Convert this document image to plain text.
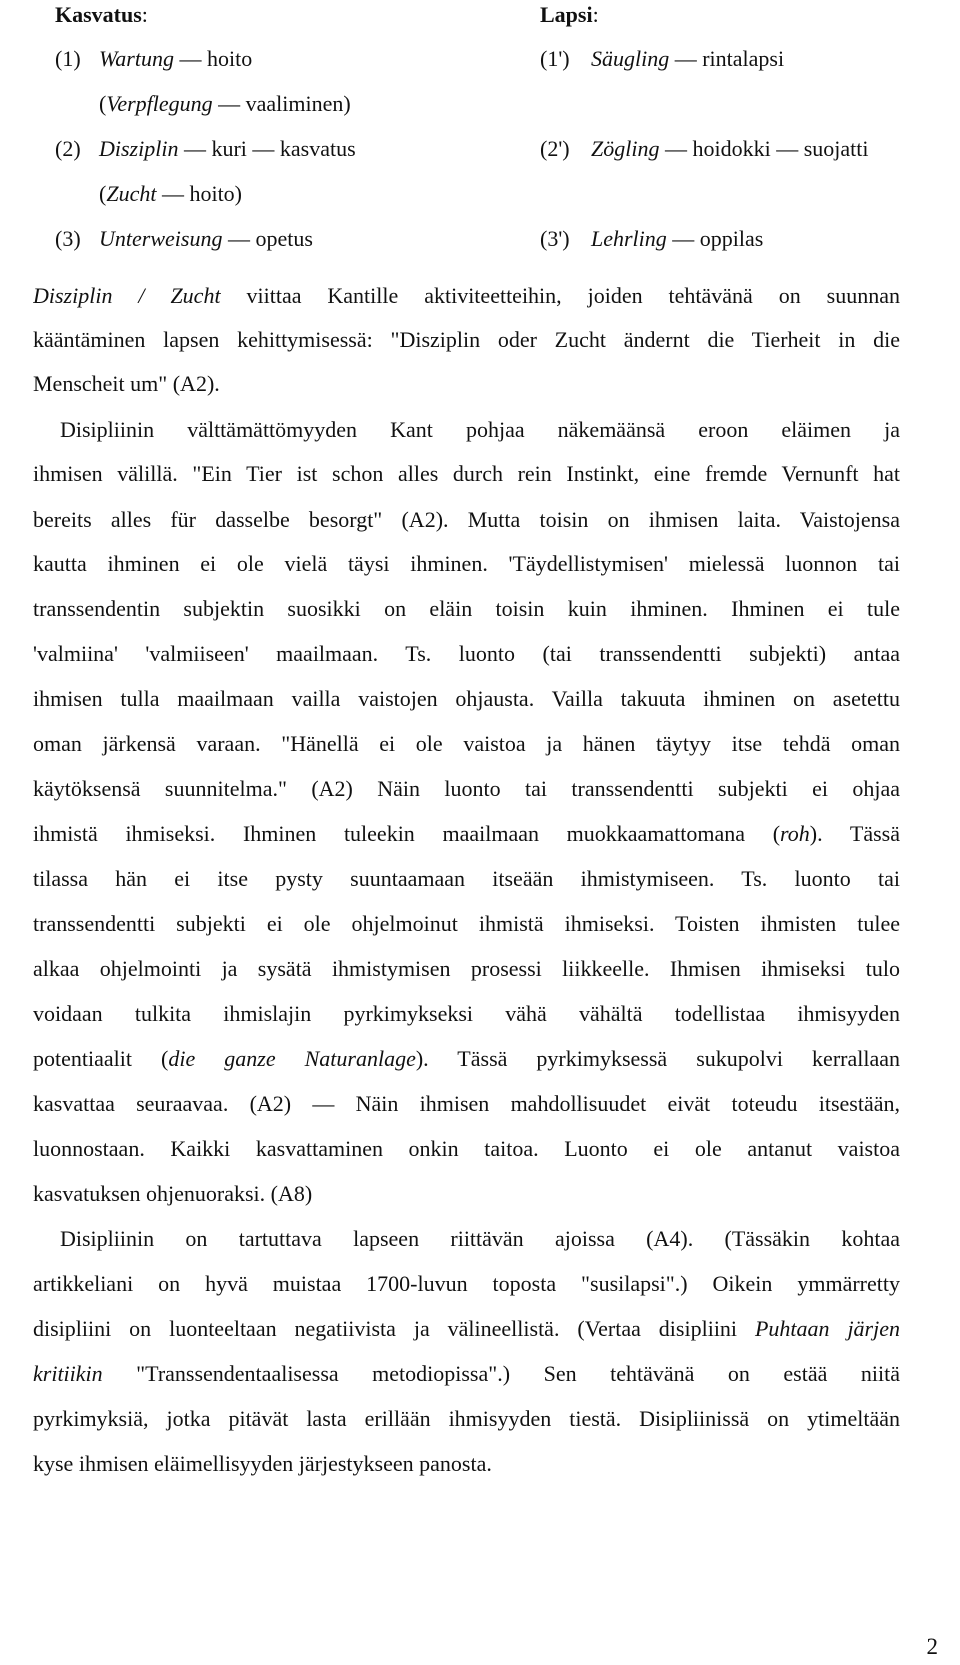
Kasvatus:
(1) Wartung — hoito
(Verpflegung — vaaliminen)
(2) Disziplin — kuri — kasvatus
(Zucht — hoito)
(3) Unterweisung — opetus
Lapsi:
(1') Säugling — rintalapsi
(2') Zögling — hoidokki — suojatti
(3') Lehrling — oppilas
Disziplin / Zucht viittaa Kantille aktiviteetteihin, joiden tehtävänä on suunnan
kääntäminen lapsen kehittymisessä: "Disziplin oder Zucht ändernt die Tierheit in die
Menscheit um" (A2).
Disipliinin välttämättömyyden Kant pohjaa näkemäänsä eroon eläimen ja
ihmisen välillä. "Ein Tier ist schon alles durch rein Instinkt, eine fremde Vernunft hat
bereits alles für dasselbe besorgt" (A2). Mutta toisin on ihmisen laita. Vaistojensa
kautta ihminen ei ole vielä täysi ihminen. 'Täydellistymisen' mielessä luonnon tai
transsendentin subjektin suosikki on eläin toisin kuin ihminen. Ihminen ei tule
'valmiina' 'valmiiseen' maailmaan. Ts. luonto (tai transsendentti subjekti) antaa
ihmisen tulla maailmaan vailla vaistojen ohjausta. Vailla takuuta ihminen on asetettu
oman järkensä varaan. "Hänellä ei ole vaistoa ja hänen täytyy itse tehdä oman
käytöksensä suunnitelma." (A2) Näin luonto tai transsendentti subjekti ei ohjaa
ihmistä ihmiseksi. Ihminen tuleekin maailmaan muokkaamattomana (roh). Tässä
tilassa hän ei itse pysty suuntaamaan itseään ihmistymiseen. Ts. luonto tai
transsendentti subjekti ei ole ohjelmoinut ihmistä ihmiseksi. Toisten ihmisten tulee
alkaa ohjelmointi ja sysätä ihmistymisen prosessi liikkeelle. Ihmisen ihmiseksi tulo
voidaan tulkita ihmislajin pyrkimykseksi vähä vähältä todellistaa ihmisyyden
potentiaalit (die ganze Naturanlage). Tässä pyrkimyksessä sukupolvi kerrallaan
kasvattaa seuraavaa. (A2) — Näin ihmisen mahdollisuudet eivät toteudu itsestään,
luonnostaan. Kaikki kasvattaminen onkin taitoa. Luonto ei ole antanut vaistoa
kasvatuksen ohjenuoraksi. (A8)
Disipliinin on tartuttava lapseen riittävän ajoissa (A4). (Tässäkin kohtaa
artikkeliani on hyvä muistaa 1700-luvun toposta "susilapsi".) Oikein ymmärretty
disipliini on luonteeltaan negatiivista ja välineellistä. (Vertaa disipliini Puhtaan järjen
kritiikin "Transsendentaalisessa metodiopissa".) Sen tehtävänä on estää niitä
pyrkimyksiä, jotka pitävät lasta erillään ihmisyyden tiestä. Disipliinissä on ytimeltään
kyse ihmisen eläimellisyyden järjestykseen panosta.
2
